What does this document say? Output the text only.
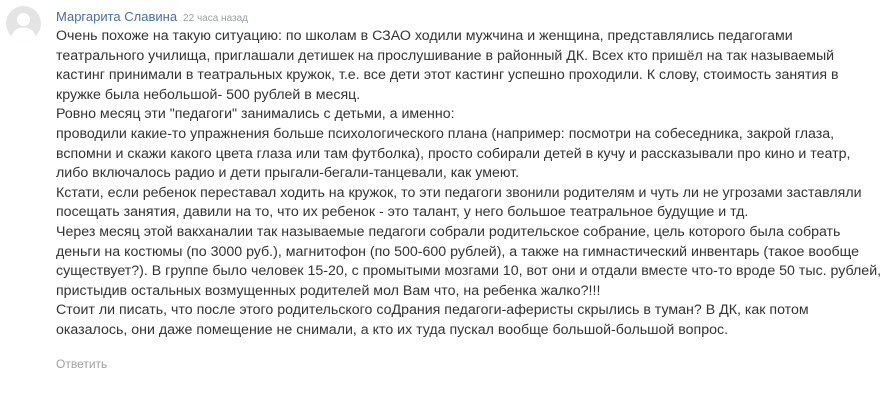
Маргарита Славина 22 часа назад

Очень похоже на такую ситуацию: по школам в СЗАО ходили мужчина и женщина, представлялись педагогами театрального училища, приглашали детишек на прослушивание в районный ДК. Всех кто пришёл на так называемый кастинг принимали в театральных кружок, т.е. все дети этот кастинг успешно проходили. К слову, стоимость занятия в кружке была небольшой- 500 рублей в месяц.

Ровно месяц эти "педагоги" занимались с детьми, а именно:

проводили какие-то упражнения больше психологического плана (например: посмотри на собеседника, закрой глаза, вспомни и скажи какого цвета глаза или там футболка), просто собирали детей в кучу и рассказывали про кино и театр, либо включалось радио и дети прыгали-бегали-танцевали, как умеют.

Кстати, если ребенок переставал ходить на кружок, то эти педагоги звонили родителям и чуть ли не угрозами заставляли посещать занятия, давили на то, что их ребенок - это талант, у него большое театральное будущие и тд.

Через месяц этой вакханалии так называемые педагоги собрали родительское собрание, цель которого была собрать деньги на костюмы (по 3000 руб.), магнитофон (по 500-600 рублей), а также на гимнастический инвентарь (такое вообще существует?). В группе было человек 15-20, с промытыми мозгами 10, вот они и отдали вместе что-то вроде 50 тыс. рублей, пристыдив остальных возмущенных родителей мол Вам что, на ребенка жалко?!!!

Стоит ли писать, что после этого родительского соДрания педагоги-аферисты скрылись в туман? В ДК, как потом оказалось, они даже помещение не снимали, а кто их туда пускал вообще большой-большой вопрос.

Ответить
